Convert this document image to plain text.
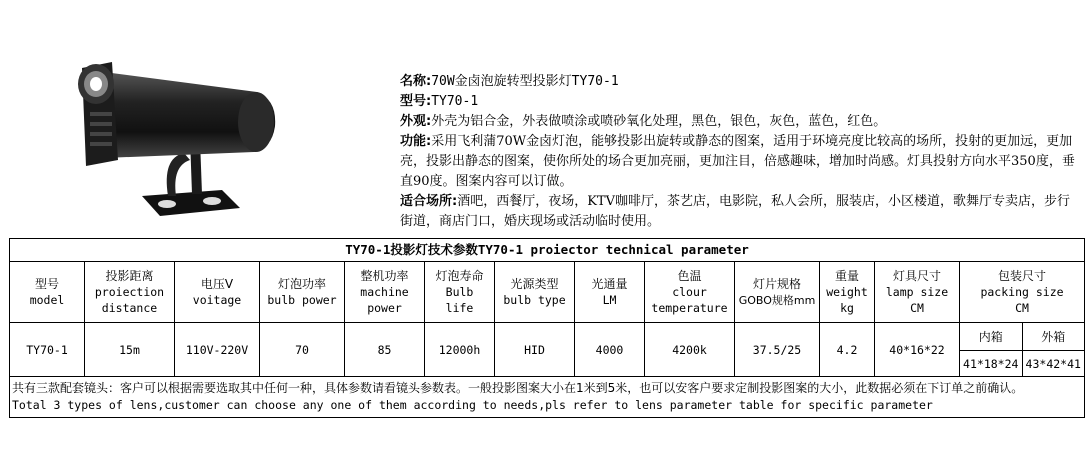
名称:70W金卤泡旋转型投影灯TY70-1

型号:TY70-1

外观:外壳为铝合金，外表做喷涂或喷砂氧化处理，黑色，银色，灰色，蓝色，红色。

功能:采用飞利蒲70W金卤灯泡，能够投影出旋转或静态的图案，适用于环境亮度比较高的场所，投射的更加远，更加亮，投影出静态的图案，使你所处的场合更加亮丽，更加注目，倍感趣味，增加时尚感。灯具投射方向水平350度，垂直90度。图案内容可以订做。

适合场所:酒吧，西餐厅，夜场，KTV咖啡厅，茶艺店，电影院，私人会所，服装店，小区楼道，歌舞厅专卖店，步行街道，商店门口，婚庆现场或活动临时使用。

TY70-1投影灯技术参数TY70-1 proiector technical parameter													
型号
model	投影距离
proiection
distance	电压V
voitage	灯泡功率
bulb power	整机功率
machine
power	灯泡寿命
Bulb
life	光源类型
bulb type	光通量
LM	色温
clour
temperature	灯片规格
GOBO规格mm	重量
weight
kg	灯具尺寸
lamp size
CM	包装尺寸
packing size
CM	
TY70-1	15m	110V-220V	70	85	12000h	HID	4000	4200k	37.5/25	4.2	40*16*22	内箱	外箱
												41*18*24	43*42*41
共有三款配套镜头：客户可以根据需要选取其中任何一种，具体参数请看镜头参数表。一般投影图案大小在1米到5米，也可以安客户要求定制投影图案的大小，此数据必须在下订单之前确认。
Total 3 types of lens,customer can choose any one of them according to needs,pls refer to lens parameter table for specific parameter													
